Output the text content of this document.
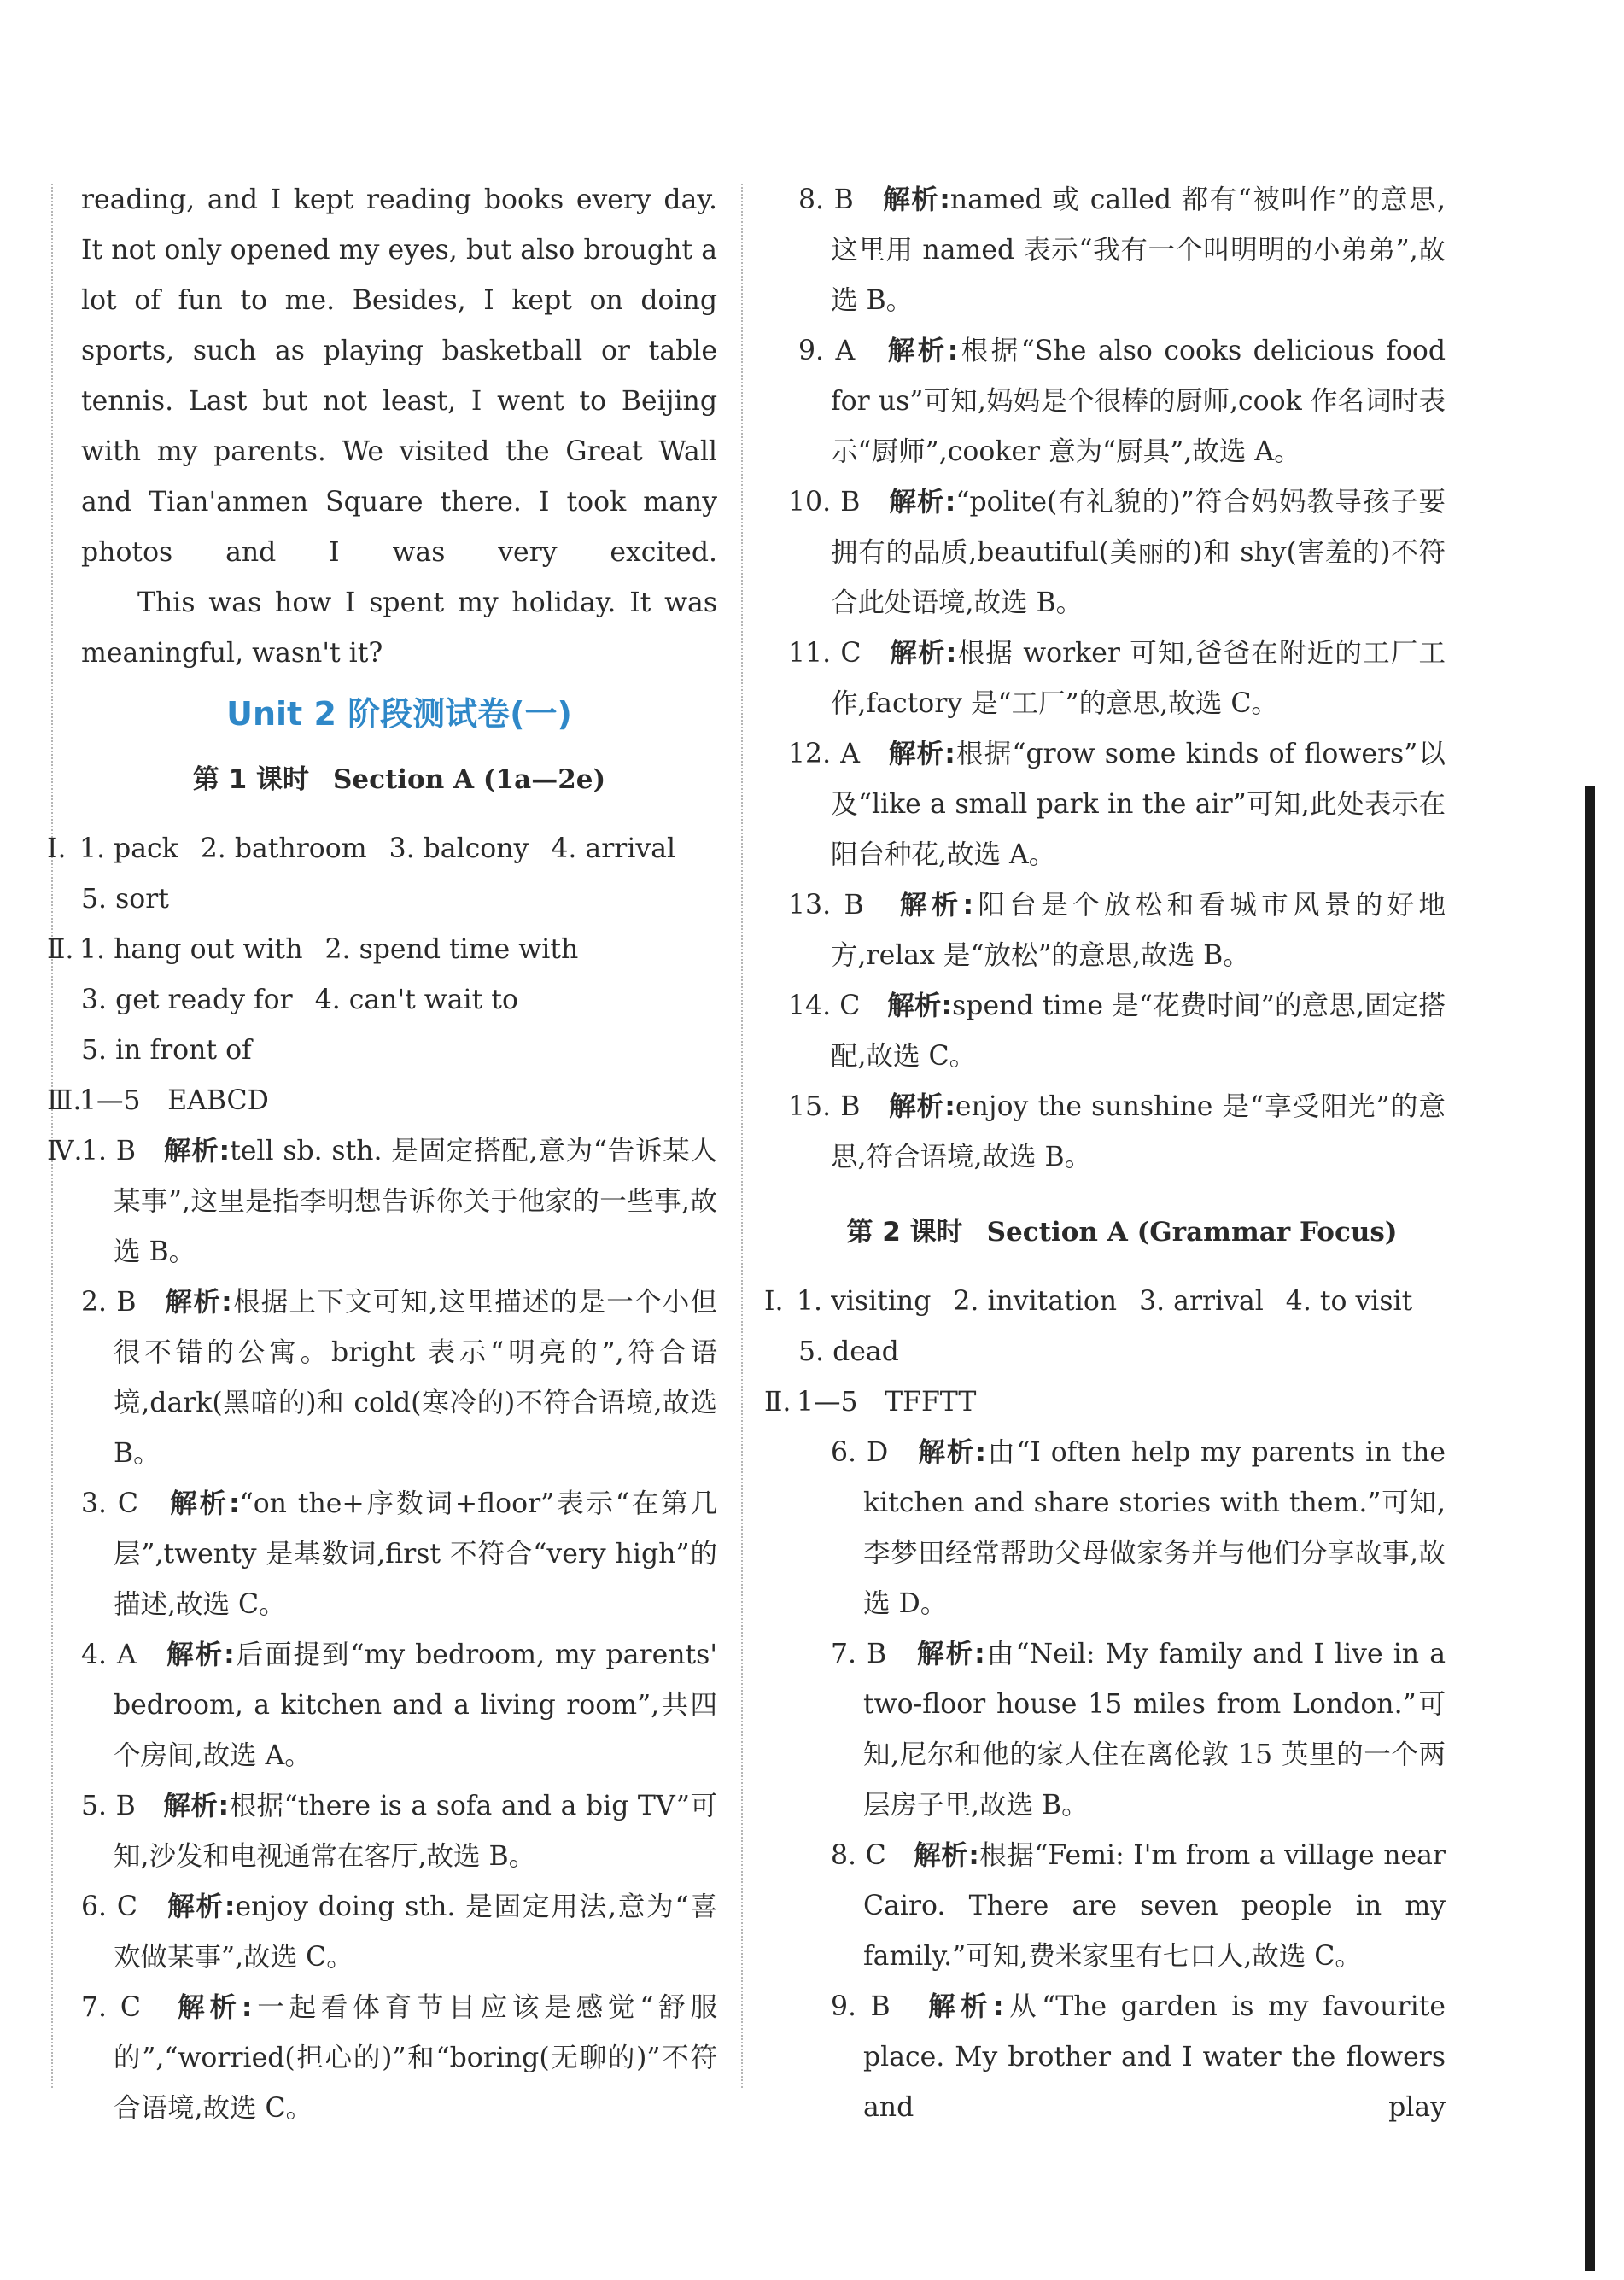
reading, and I kept reading books every day. It not only opened my eyes, but also brought a lot of fun to me. Besides, I kept on doing sports, such as playing basketball or table tennis. Last but not least, I went to Beijing with my parents. We visited the Great Wall and Tian'anmen Square there. I took many photos and I was very excited.

This was how I spent my holiday. It was meaningful, wasn't it?

Unit 2 阶段测试卷(一)
第 1 课时 Section A (1a—2e)
Ⅰ. 1. pack 2. bathroom 3. balcony 4. arrival
5. sort
Ⅱ. 1. hang out with 2. spend time with
3. get ready for 4. can't wait to
5. in front of
Ⅲ.1—5　EABCD
Ⅳ.

1. B　 解析:tell sb. sth. 是固定搭配,意为“告诉某人某事”,这里是指李明想告诉你关于他家的一些事,故选 B。

2. B　 解析:根据上下文可知,这里描述的是一个小但很不错的公寓。bright 表示“明亮的”,符合语境,dark(黑暗的)和 cold(寒冷的)不符合语境,故选 B。

3. C　 解析:“on the+序数词+floor”表示“在第几层”,twenty 是基数词,first 不符合“very high”的描述,故选 C。

4. A　 解析:后面提到“my bedroom, my parents' bedroom, a kitchen and a living room”,共四个房间,故选 A。

5. B　 解析:根据“there is a sofa and a big TV”可知,沙发和电视通常在客厅,故选 B。

6. C　 解析:enjoy doing sth. 是固定用法,意为“喜欢做某事”,故选 C。

7. C　 解析:一起看体育节目应该是感觉“舒服的”,“worried(担心的)”和“boring(无聊的)”不符合语境,故选 C。

8. B　 解析:named 或 called 都有“被叫作”的意思,这里用 named 表示“我有一个叫明明的小弟弟”,故选 B。

9. A　 解析:根据“She also cooks delicious food for us”可知,妈妈是个很棒的厨师,cook 作名词时表示“厨师”,cooker 意为“厨具”,故选 A。

10. B　 解析:“polite(有礼貌的)”符合妈妈教导孩子要拥有的品质,beautiful(美丽的)和 shy(害羞的)不符合此处语境,故选 B。

11. C　 解析:根据 worker 可知,爸爸在附近的工厂工作,factory 是“工厂”的意思,故选 C。

12. A　 解析:根据“grow some kinds of flowers”以及“like a small park in the air”可知,此处表示在阳台种花,故选 A。

13. B　 解析:阳台是个放松和看城市风景的好地方,relax 是“放松”的意思,故选 B。

14. C　 解析:spend time 是“花费时间”的意思,固定搭配,故选 C。

15. B　 解析:enjoy the sunshine 是“享受阳光”的意思,符合语境,故选 B。

第 2 课时 Section A (Grammar Focus)
Ⅰ. 1. visiting 2. invitation 3. arrival 4. to visit
5. dead
Ⅱ. 1—5　TFFTT

6. D　 解析:由“I often help my parents in the kitchen and share stories with them.”可知,李梦田经常帮助父母做家务并与他们分享故事,故选 D。

7. B　 解析:由“Neil: My family and I live in a two-floor house 15 miles from London.”可知,尼尔和他的家人住在离伦敦 15 英里的一个两层房子里,故选 B。

8. C　 解析:根据“Femi: I'm from a village near Cairo. There are seven people in my family.”可知,费米家里有七口人,故选 C。

9. B　 解析:从“The garden is my favourite place. My brother and I water the flowers and play
